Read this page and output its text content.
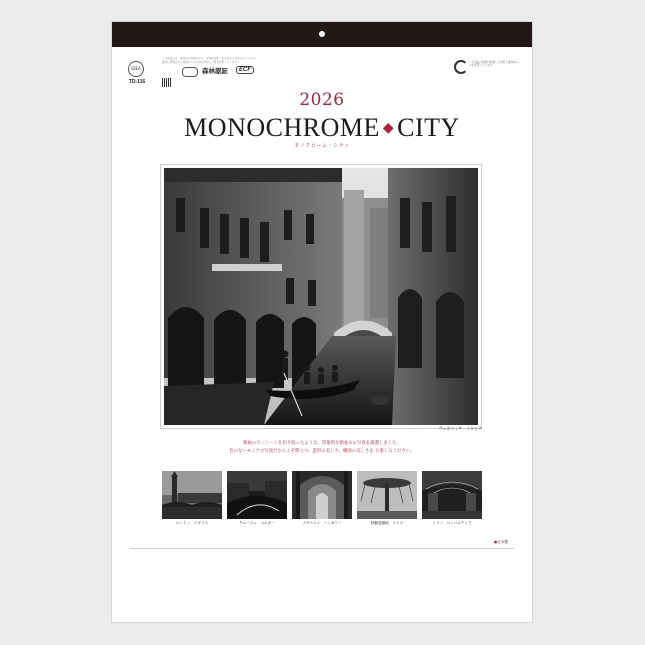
IDEA
TD-116
この商品には、環境保全の観点から、森林認証紙・再生紙などを使用しています。
適切に管理された森林からの木材を使用した紙を採用しています。
森林認証	ECF
この商品は環境に配慮した用紙と植物油インキを使用しています。
2026
MONOCHROME ◆ CITY
モノクローム・シティ
ヴェネツィア　イタリア
映画のワンシーンを切り取ったような、印象的な街並みの写真を厳選しました。
色のないモノクロ写真だからこそ際立つ、造形の美しさ。構図の美しさを お楽しみください。
ロンドン　イギリス	クルージュ　ベルギー	ブダペスト　ハンガリー	移動遊園地　ドイツ	ミラノ　ロンバルディア
●日本製
